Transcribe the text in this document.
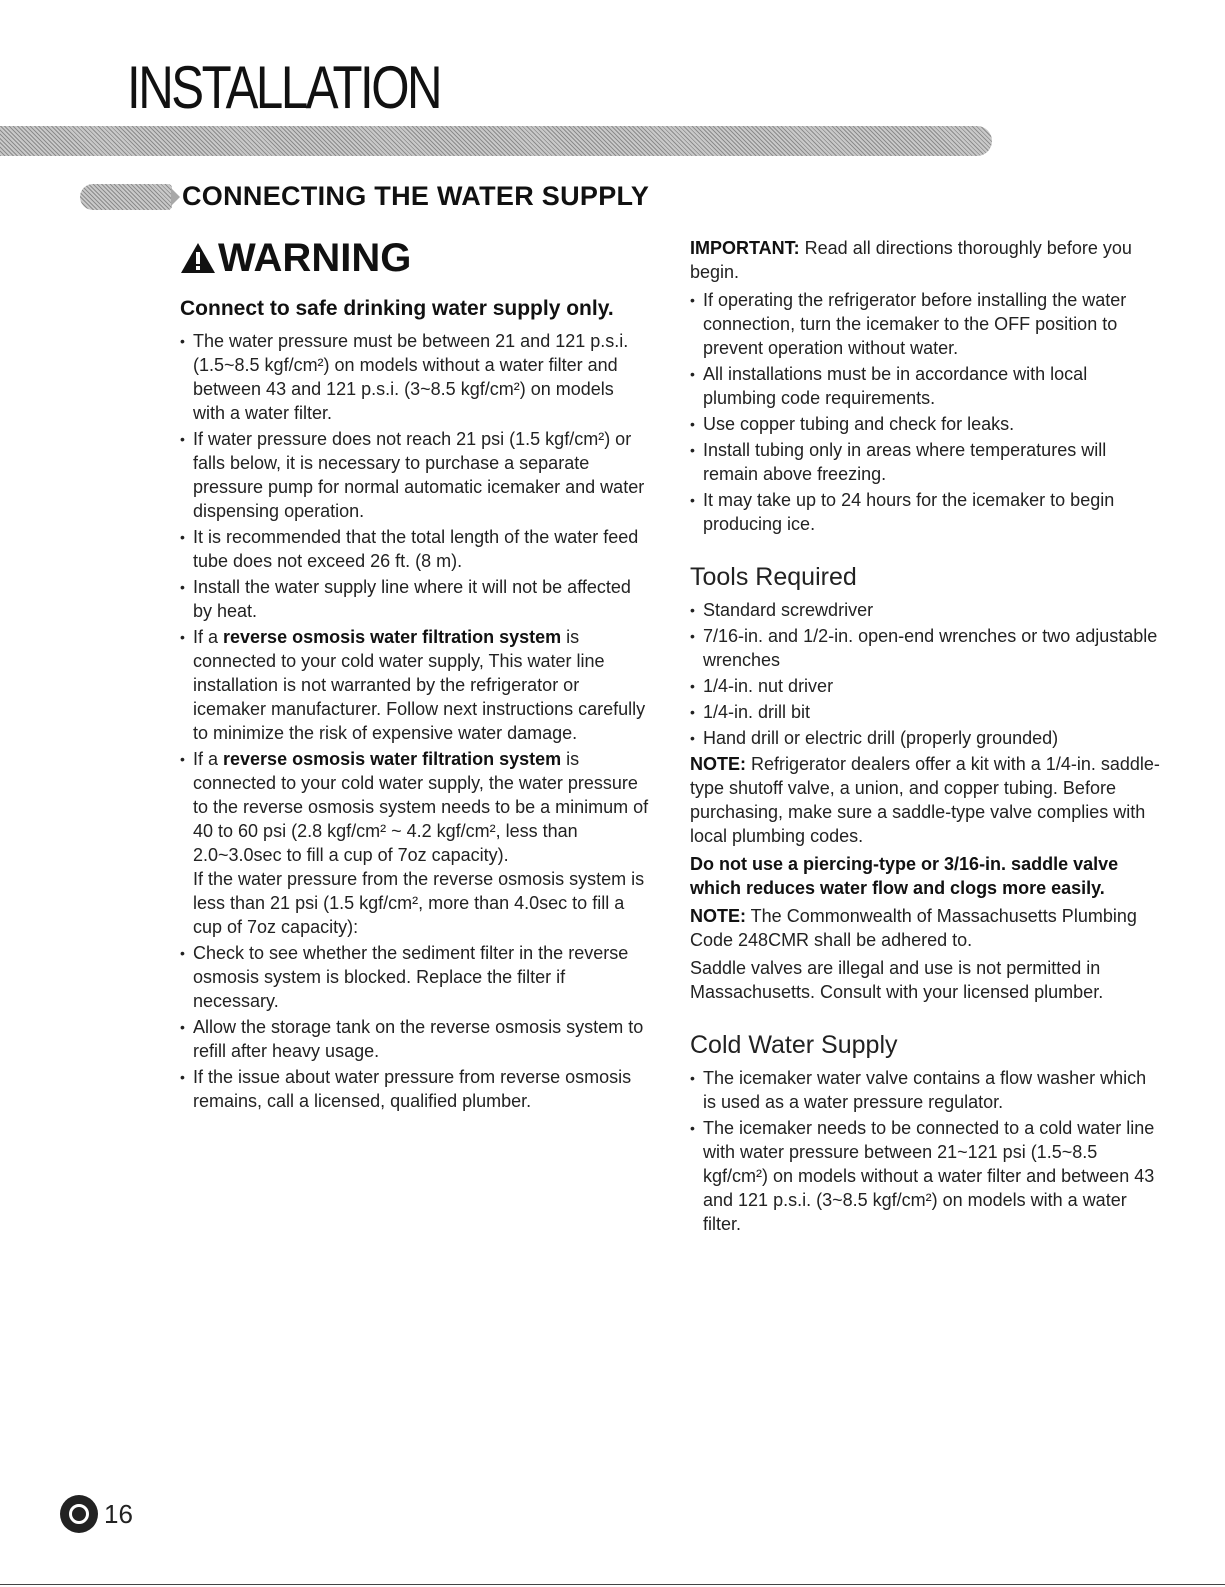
INSTALLATION
CONNECTING THE WATER SUPPLY
WARNING
Connect to safe drinking water supply only.
• The water pressure must be between 21 and 121 p.s.i. (1.5~8.5 kgf/cm²) on models without a water filter and between 43 and 121 p.s.i. (3~8.5 kgf/cm²) on models with a water filter.
• If water pressure does not reach 21 psi (1.5 kgf/cm²) or falls below, it is necessary to purchase a separate pressure pump for normal automatic icemaker and water dispensing operation.
• It is recommended that the total length of the water feed tube does not exceed 26 ft. (8 m).
• Install the water supply line where it will not be affected by heat.
• If a reverse osmosis water filtration system is connected to your cold water supply, This water line installation is not warranted by the refrigerator or icemaker manufacturer. Follow next instructions carefully to minimize the risk of expensive water damage.
• If a reverse osmosis water filtration system is connected to your cold water supply, the water pressure to the reverse osmosis system needs to be a minimum of 40 to 60 psi (2.8 kgf/cm² ~ 4.2 kgf/cm², less than 2.0~3.0sec to fill a cup of 7oz capacity).
If the water pressure from the reverse osmosis system is less than 21 psi (1.5 kgf/cm², more than 4.0sec to fill a cup of 7oz capacity):
• Check to see whether the sediment filter in the reverse osmosis system is blocked. Replace the filter if necessary.
• Allow the storage tank on the reverse osmosis system to refill after heavy usage.
• If the issue about water pressure from reverse osmosis remains, call a licensed, qualified plumber.

IMPORTANT: Read all directions thoroughly before you begin.

• If operating the refrigerator before installing the water connection, turn the icemaker to the OFF position to prevent operation without water.
• All installations must be in accordance with local plumbing code requirements.
• Use copper tubing and check for leaks.
• Install tubing only in areas where temperatures will remain above freezing.
• It may take up to 24 hours for the icemaker to begin producing ice.
Tools Required
• Standard screwdriver
• 7/16-in. and 1/2-in. open-end wrenches or two adjustable wrenches
• 1/4-in. nut driver
• 1/4-in. drill bit
• Hand drill or electric drill (properly grounded)

NOTE: Refrigerator dealers offer a kit with a 1/4-in. saddle-type shutoff valve, a union, and copper tubing. Before purchasing, make sure a saddle-type valve complies with local plumbing codes.

Do not use a piercing-type or 3/16-in. saddle valve which reduces water flow and clogs more easily.

NOTE: The Commonwealth of Massachusetts Plumbing Code 248CMR shall be adhered to.

Saddle valves are illegal and use is not permitted in Massachusetts. Consult with your licensed plumber.

Cold Water Supply
• The icemaker water valve contains a flow washer which is used as a water pressure regulator.
• The icemaker needs to be connected to a cold water line with water pressure between 21~121 psi (1.5~8.5 kgf/cm²) on models without a water filter and between 43 and 121 p.s.i. (3~8.5 kgf/cm²) on models with a water filter.
16
